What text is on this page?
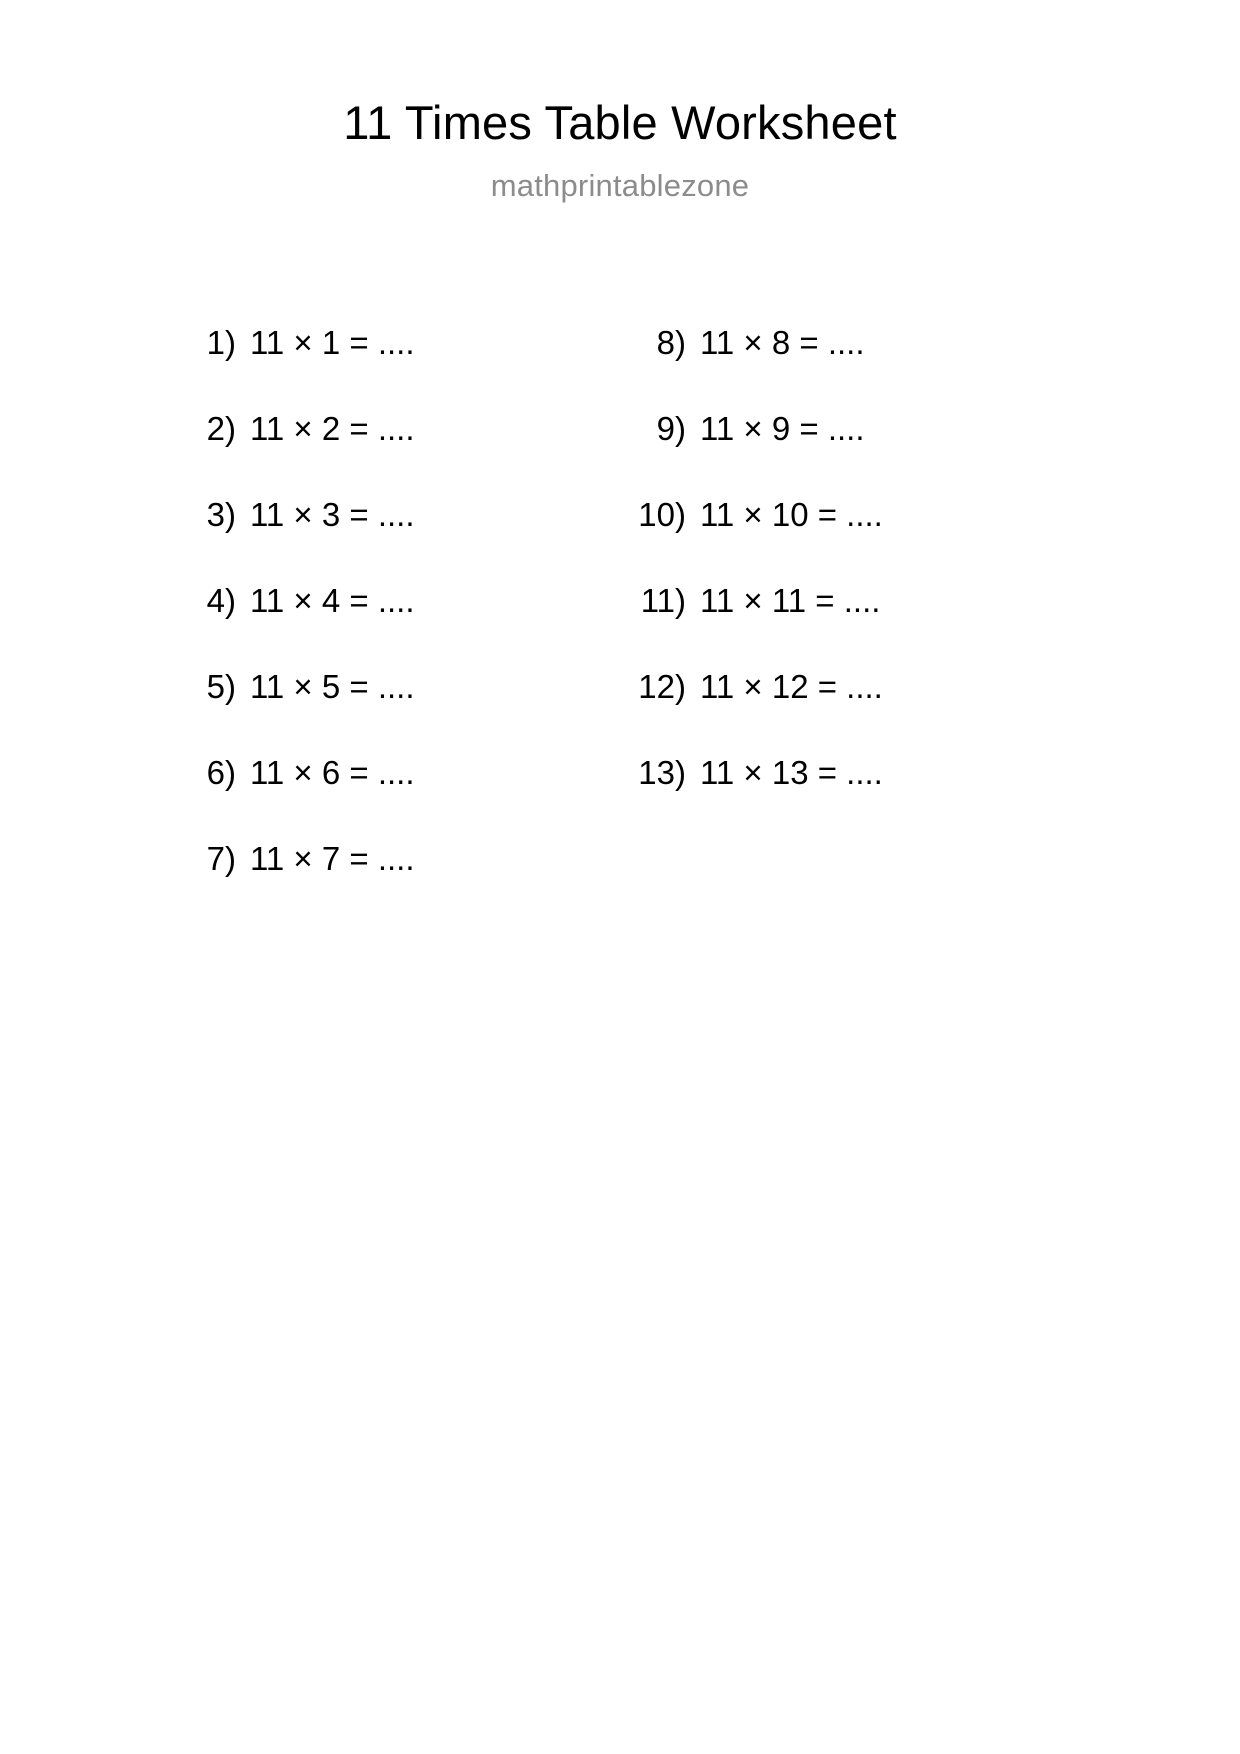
11 Times Table Worksheet
mathprintablezone
1) 11 × 1 = ....
2) 11 × 2 = ....
3) 11 × 3 = ....
4) 11 × 4 = ....
5) 11 × 5 = ....
6) 11 × 6 = ....
7) 11 × 7 = ....
8) 11 × 8 = ....
9) 11 × 9 = ....
10) 11 × 10 = ....
11) 11 × 11 = ....
12) 11 × 12 = ....
13) 11 × 13 = ....
